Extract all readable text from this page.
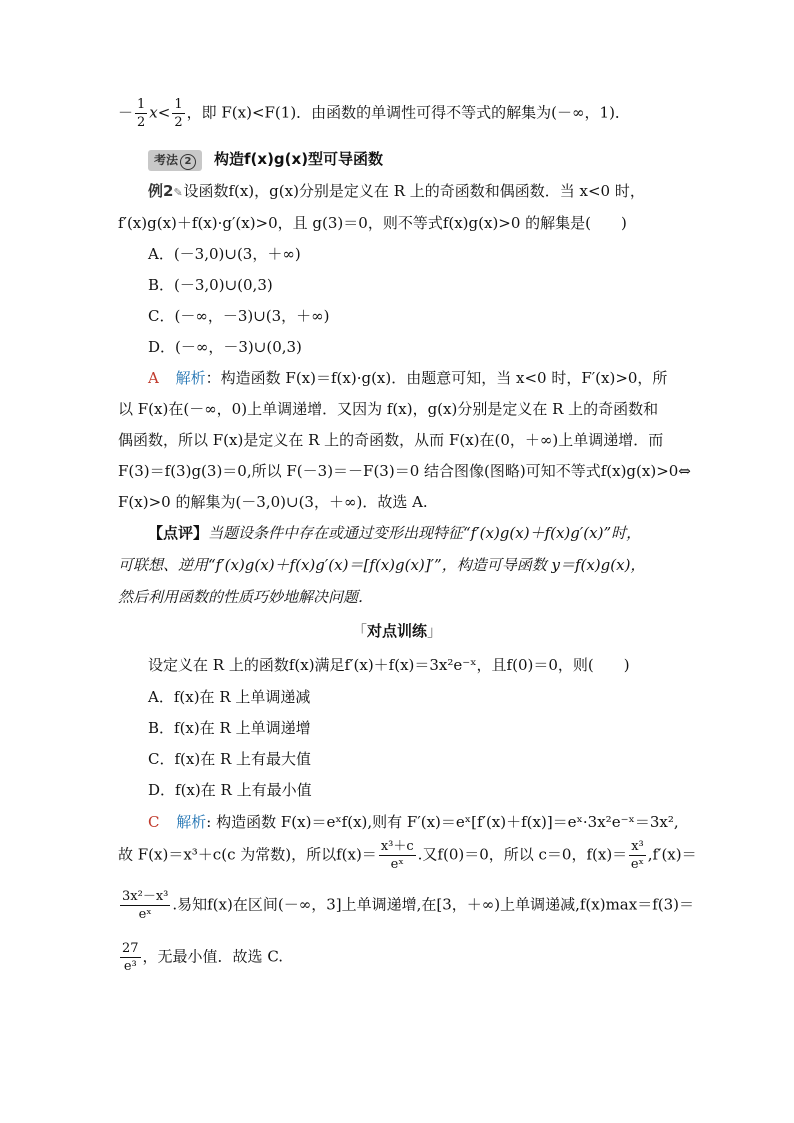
－ $\frac{1}{2} x< \frac{1}{2}$ ，即 F(x)<F(1)．由函数的单调性可得不等式的解集为(－∞，1)．
考法 2 构造f(x)g(x)型可导函数
例2✎设函数f(x)，g(x)分别是定义在 R 上的奇函数和偶函数．当 x<0 时，
f′(x)g(x)＋f(x)·g′(x)>0，且 g(3)＝0，则不等式f(x)g(x)>0 的解集是(　　)
A．(－3,0)∪(3，＋∞)
B．(－3,0)∪(0,3)
C．(－∞，－3)∪(3，＋∞)
D．(－∞，－3)∪(0,3)
A 解析：构造函数 F(x)＝f(x)·g(x)．由题意可知，当 x<0 时，F′(x)>0，所
以 F(x)在(－∞，0)上单调递增．又因为 f(x)，g(x)分别是定义在 R 上的奇函数和
偶函数，所以 F(x)是定义在 R 上的奇函数，从而 F(x)在(0，＋∞)上单调递增．而
F(3)＝f(3)g(3)＝0,所以 F(－3)＝－F(3)＝0 结合图像(图略)可知不等式f(x)g(x)>0⇔
F(x)>0 的解集为(－3,0)∪(3，＋∞)．故选 A.
【点评】当题设条件中存在或通过变形出现特征“f′(x)g(x)＋f(x)g′(x)”时，
可联想、逆用“f′(x)g(x)＋f(x)g′(x)＝[f(x)g(x)]′”，构造可导函数 y＝f(x)g(x)，
然后利用函数的性质巧妙地解决问题．
「对点训练」
设定义在 R 上的函数f(x)满足f′(x)＋f(x)＝3x²e⁻ˣ，且f(0)＝0，则(　　)
A．f(x)在 R 上单调递减
B．f(x)在 R 上单调递增
C．f(x)在 R 上有最大值
D．f(x)在 R 上有最小值
C 解析: 构造函数 F(x)＝eˣf(x),则有 F′(x)＝eˣ[f′(x)＋f(x)]＝eˣ·3x²e⁻ˣ＝3x²,
故 F(x)＝x³＋c(c 为常数)，所以$f(x)= \frac{\text{x³＋c}}{\text{eˣ}}$ .又f(0)＝0，所以 c＝0，$f(x)= \frac{\text{x³}}{\text{eˣ}} ,f'(x)=$
$\frac{\text{3x²－x³}}{\text{eˣ}}$ .易知f(x)在区间(－∞，3]上单调递增,在[3，＋∞)上单调递减,f(x)max＝f(3)＝
$\frac{27}{\text{e³}}$ ，无最小值．故选 C.
